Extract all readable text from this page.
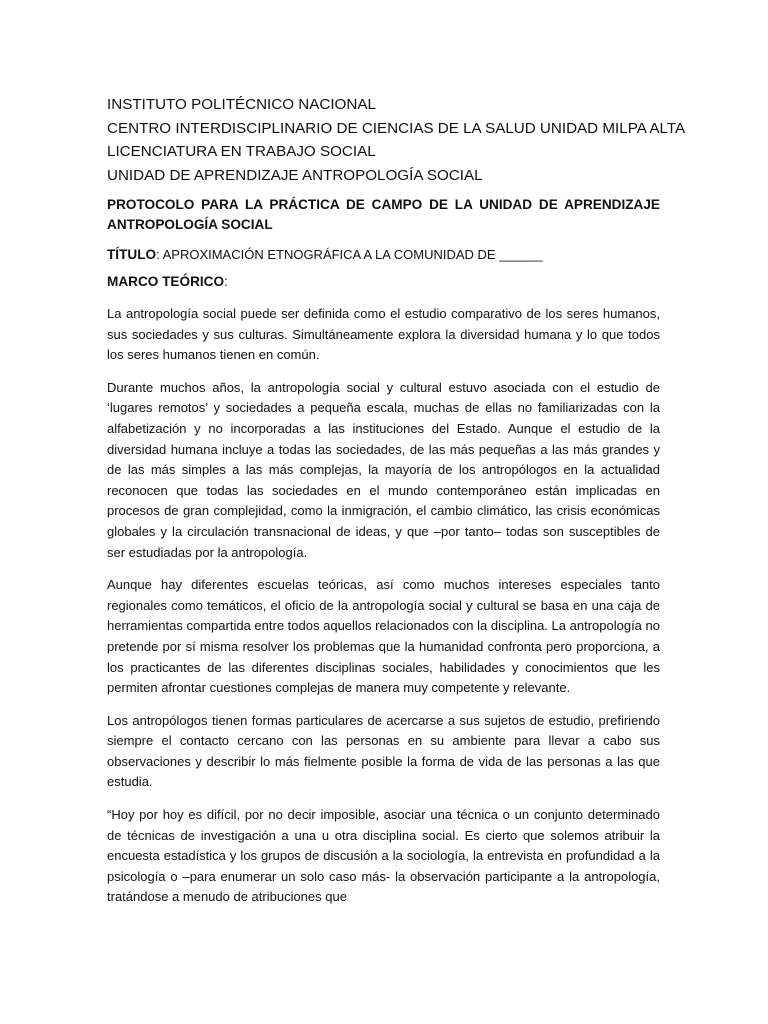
INSTITUTO POLITÉCNICO NACIONAL

CENTRO INTERDISCIPLINARIO DE CIENCIAS DE LA SALUD UNIDAD MILPA ALTA

LICENCIATURA EN TRABAJO SOCIAL

UNIDAD DE APRENDIZAJE ANTROPOLOGÍA SOCIAL

PROTOCOLO PARA LA PRÁCTICA DE CAMPO DE LA UNIDAD DE APRENDIZAJE ANTROPOLOGÍA SOCIAL

TÍTULO: APROXIMACIÓN ETNOGRÁFICA A LA COMUNIDAD DE ______

MARCO TEÓRICO:

La antropología social puede ser definida como el estudio comparativo de los seres humanos, sus sociedades y sus culturas. Simultáneamente explora la diversidad humana y lo que todos los seres humanos tienen en común.

Durante muchos años, la antropología social y cultural estuvo asociada con el estudio de ‘lugares remotos’ y sociedades a pequeña escala, muchas de ellas no familiarizadas con la alfabetización y no incorporadas a las instituciones del Estado. Aunque el estudio de la diversidad humana incluye a todas las sociedades, de las más pequeñas a las más grandes y de las más simples a las más complejas, la mayoría de los antropólogos en la actualidad reconocen que todas las sociedades en el mundo contemporáneo están implicadas en procesos de gran complejidad, como la inmigración, el cambio climático, las crisis económicas globales y la circulación transnacional de ideas, y que –por tanto– todas son susceptibles de ser estudiadas por la antropología.

Aunque hay diferentes escuelas teóricas, así como muchos intereses especiales tanto regionales como temáticos, el oficio de la antropología social y cultural se basa en una caja de herramientas compartida entre todos aquellos relacionados con la disciplina. La antropología no pretende por sí misma resolver los problemas que la humanidad confronta pero proporciona, a los practicantes de las diferentes disciplinas sociales, habilidades y conocimientos que les permiten afrontar cuestiones complejas de manera muy competente y relevante.

Los antropólogos tienen formas particulares de acercarse a sus sujetos de estudio, prefiriendo siempre el contacto cercano con las personas en su ambiente para llevar a cabo sus observaciones y describir lo más fielmente posible la forma de vida de las personas a las que estudia.

“Hoy por hoy es difícil, por no decir imposible, asociar una técnica o un conjunto determinado de técnicas de investigación a una u otra disciplina social. Es cierto que solemos atribuir la encuesta estadística y los grupos de discusión a la sociología, la entrevista en profundidad a la psicología o –para enumerar un solo caso más- la observación participante a la antropología, tratándose a menudo de atribuciones que
